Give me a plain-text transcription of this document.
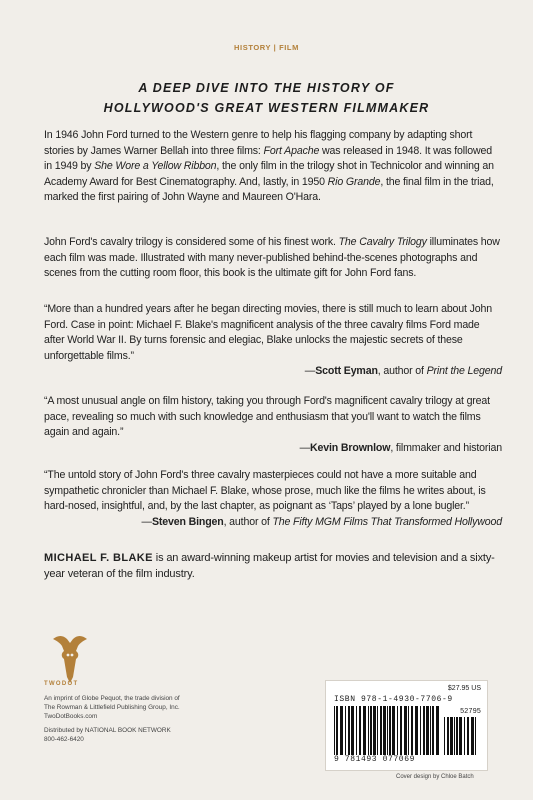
HISTORY | FILM
A DEEP DIVE INTO THE HISTORY OF
HOLLYWOOD'S GREAT WESTERN FILMMAKER
In 1946 John Ford turned to the Western genre to help his flagging company by adapting short stories by James Warner Bellah into three films: Fort Apache was released in 1948. It was followed in 1949 by She Wore a Yellow Ribbon, the only film in the trilogy shot in Technicolor and winning an Academy Award for Best Cinematography. And, lastly, in 1950 Rio Grande, the final film in the triad, marked the first pairing of John Wayne and Maureen O'Hara.
John Ford's cavalry trilogy is considered some of his finest work. The Cavalry Trilogy illuminates how each film was made. Illustrated with many never-published behind-the-scenes photographs and scenes from the cutting room floor, this book is the ultimate gift for John Ford fans.
“More than a hundred years after he began directing movies, there is still much to learn about John Ford. Case in point: Michael F. Blake's magnificent analysis of the three cavalry films Ford made after World War II. By turns forensic and elegiac, Blake unlocks the majestic secrets of these unforgettable films.”
—Scott Eyman, author of Print the Legend
“A most unusual angle on film history, taking you through Ford's magnificent cavalry trilogy at great pace, revealing so much with such knowledge and enthusiasm that you'll want to watch the films again and again.”
—Kevin Brownlow, filmmaker and historian
“The untold story of John Ford's three cavalry masterpieces could not have a more suitable and sympathetic chronicler than Michael F. Blake, whose prose, much like the films he writes about, is hard-nosed, insightful, and, by the last chapter, as poignant as ‘Taps’ played by a lone bugler.”
—Steven Bingen, author of The Fifty MGM Films That Transformed Hollywood
MICHAEL F. BLAKE is an award-winning makeup artist for movies and television and a sixty-year veteran of the film industry.
TWODOT
An imprint of Globe Pequot, the trade division of
The Rowman & Littlefield Publishing Group, Inc.
TwoDotBooks.com
Distributed by NATIONAL BOOK NETWORK
800-462-6420
$27.95 US
ISBN 978-1-4930-7706-9
52795
9 781493 077069
Cover design by Chloe Batch
